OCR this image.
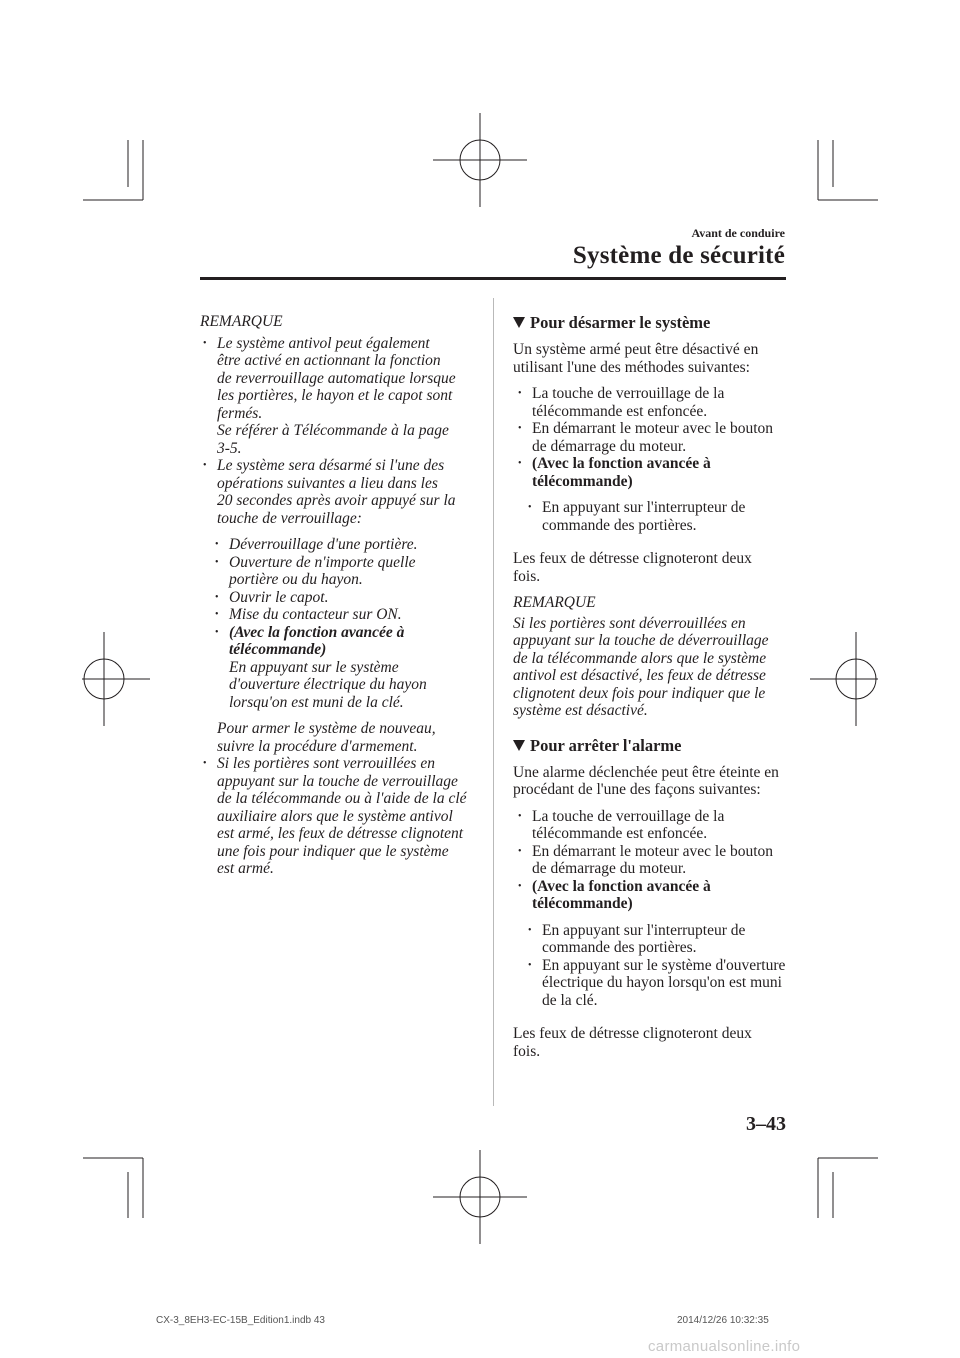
Avant de conduire
Système de sécurité

REMARQUE

• Le système antivol peut également

être activé en actionnant la fonction

de reverrouillage automatique lorsque

les portières, le hayon et le capot sont

fermés.

Se référer à Télécommande à la page

3-5.

• Le système sera désarmé si l'une des

opérations suivantes a lieu dans les

20 secondes après avoir appuyé sur la

touche de verrouillage:

• Déverrouillage d'une portière.

• Ouverture de n'importe quelle

portière ou du hayon.

• Ouvrir le capot.

• Mise du contacteur sur ON.

• (Avec la fonction avancée à

télécommande)

En appuyant sur le système

d'ouverture électrique du hayon

lorsqu'on est muni de la clé.

Pour armer le système de nouveau,

suivre la procédure d'armement.

• Si les portières sont verrouillées en

appuyant sur la touche de verrouillage

de la télécommande ou à l'aide de la clé

auxiliaire alors que le système antivol

est armé, les feux de détresse clignotent

une fois pour indiquer que le système

est armé.

Pour désarmer le système

Un système armé peut être désactivé en

utilisant l'une des méthodes suivantes:

• La touche de verrouillage de la

télécommande est enfoncée.

• En démarrant le moteur avec le bouton

de démarrage du moteur.

• (Avec la fonction avancée à

télécommande)

• En appuyant sur l'interrupteur de

commande des portières.

Les feux de détresse clignoteront deux

fois.

REMARQUE

Si les portières sont déverrouillées en

appuyant sur la touche de déverrouillage

de la télécommande alors que le système

antivol est désactivé, les feux de détresse

clignotent deux fois pour indiquer que le

système est désactivé.

Pour arrêter l'alarme

Une alarme déclenchée peut être éteinte en

procédant de l'une des façons suivantes:

• La touche de verrouillage de la

télécommande est enfoncée.

• En démarrant le moteur avec le bouton

de démarrage du moteur.

• (Avec la fonction avancée à

télécommande)

• En appuyant sur l'interrupteur de

commande des portières.

• En appuyant sur le système d'ouverture

électrique du hayon lorsqu'on est muni

de la clé.

Les feux de détresse clignoteront deux

fois.

3–43
CX-3_8EH3-EC-15B_Edition1.indb 43	2014/12/26 10:32:35
carmanualsonline.info
